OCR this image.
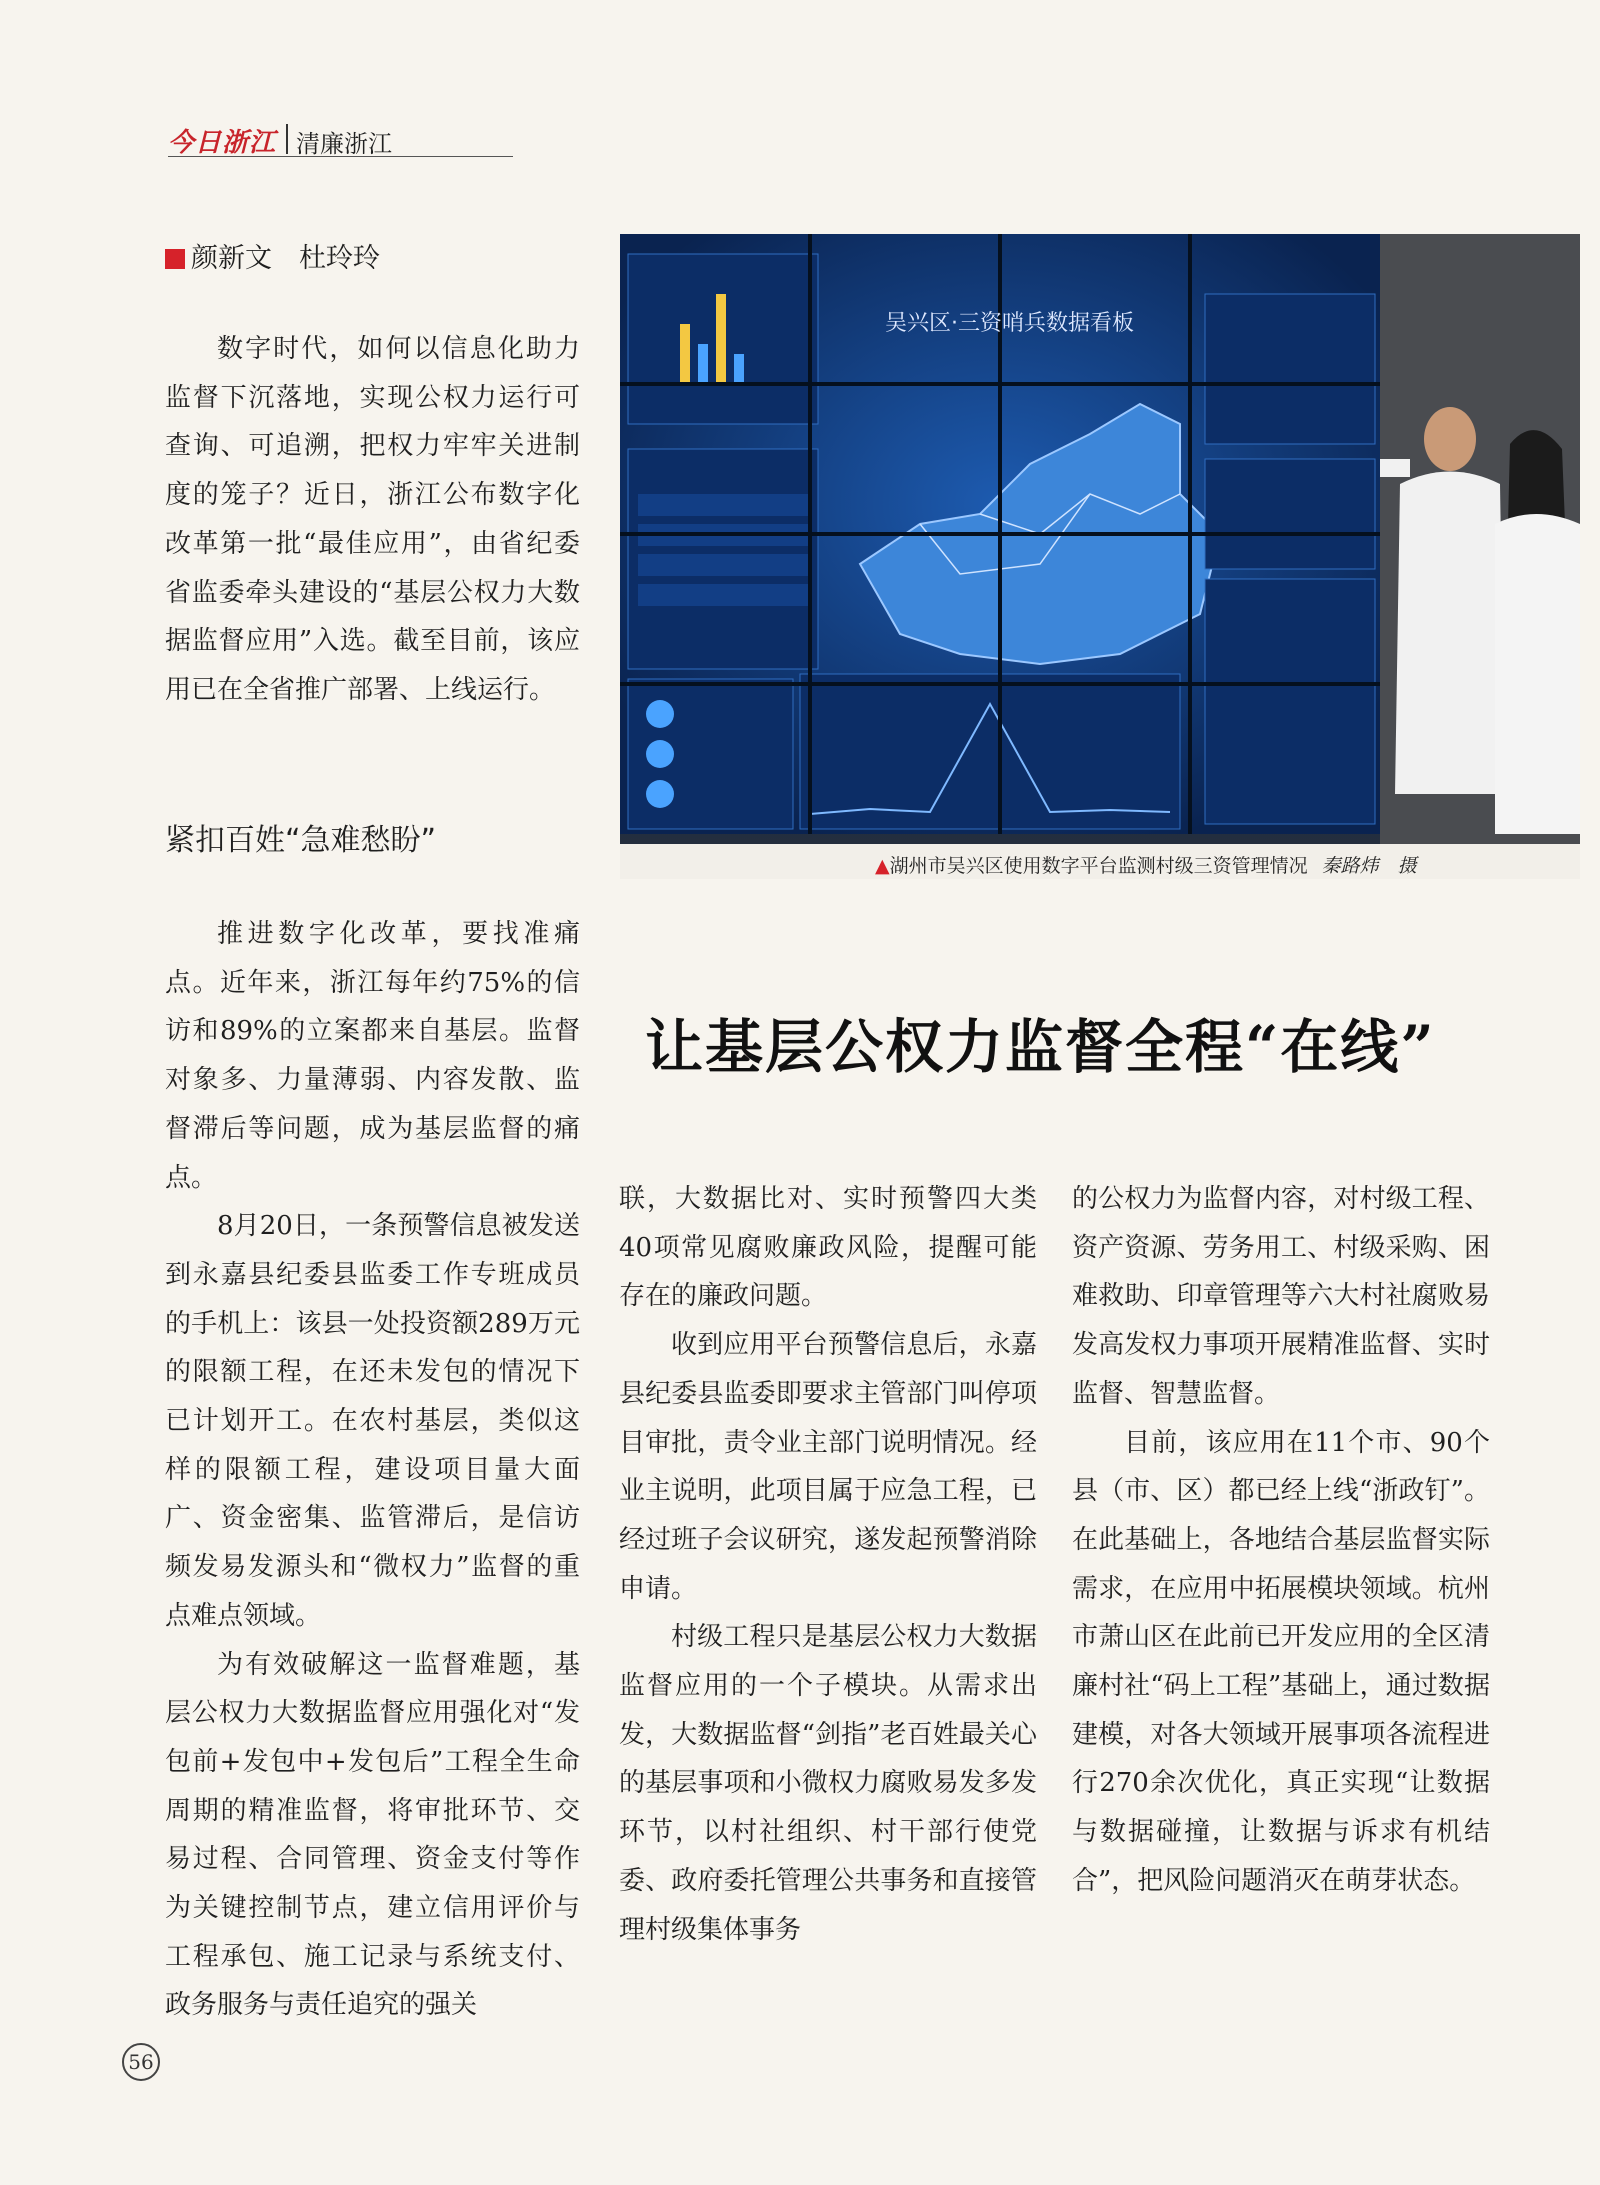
今日浙江 清廉浙江
颜新文　杜玲玲

数字时代，如何以信息化助力监督下沉落地，实现公权力运行可查询、可追溯，把权力牢牢关进制度的笼子？近日，浙江公布数字化改革第一批“最佳应用”，由省纪委省监委牵头建设的“基层公权力大数据监督应用”入选。截至目前，该应用已在全省推广部署、上线运行。

紧扣百姓“急难愁盼”

推进数字化改革，要找准痛点。近年来，浙江每年约75%的信访和89%的立案都来自基层。监督对象多、力量薄弱、内容发散、监督滞后等问题，成为基层监督的痛点。

8月20日，一条预警信息被发送到永嘉县纪委县监委工作专班成员的手机上：该县一处投资额289万元的限额工程，在还未发包的情况下已计划开工。在农村基层，类似这样的限额工程，建设项目量大面广、资金密集、监管滞后，是信访频发易发源头和“微权力”监督的重点难点领域。

为有效破解这一监督难题，基层公权力大数据监督应用强化对“发包前+发包中+发包后”工程全生命周期的精准监督，将审批环节、交易过程、合同管理、资金支付等作为关键控制节点，建立信用评价与工程承包、施工记录与系统支付、政务服务与责任追究的强关

吴兴区·三资哨兵数据看板
▲湖州市吴兴区使用数字平台监测村级三资管理情况 秦路炜　摄
让基层公权力监督全程“在线”

联，大数据比对、实时预警四大类40项常见腐败廉政风险，提醒可能存在的廉政问题。

收到应用平台预警信息后，永嘉县纪委县监委即要求主管部门叫停项目审批，责令业主部门说明情况。经业主说明，此项目属于应急工程，已经过班子会议研究，遂发起预警消除申请。

村级工程只是基层公权力大数据监督应用的一个子模块。从需求出发，大数据监督“剑指”老百姓最关心的基层事项和小微权力腐败易发多发环节，以村社组织、村干部行使党委、政府委托管理公共事务和直接管理村级集体事务

的公权力为监督内容，对村级工程、资产资源、劳务用工、村级采购、困难救助、印章管理等六大村社腐败易发高发权力事项开展精准监督、实时监督、智慧监督。

目前，该应用在11个市、90个县（市、区）都已经上线“浙政钉”。在此基础上，各地结合基层监督实际需求，在应用中拓展模块领域。杭州市萧山区在此前已开发应用的全区清廉村社“码上工程”基础上，通过数据建模，对各大领域开展事项各流程进行270余次优化，真正实现“让数据与数据碰撞，让数据与诉求有机结合”，把风险问题消灭在萌芽状态。

56
